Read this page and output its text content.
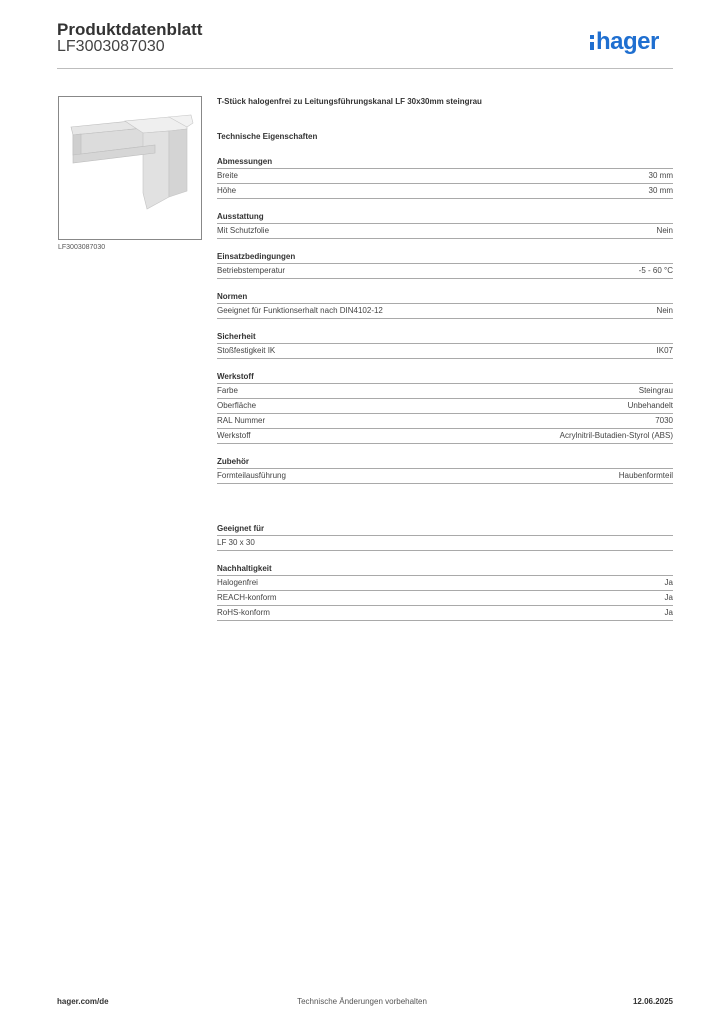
Produktdatenblatt
LF3003087030	hager
LF3003087030
T-Stück halogenfrei zu Leitungsführungskanal LF 30x30mm steingrau
Technische Eigenschaften
Abmessungen
Breite	30 mm
Höhe	30 mm
Ausstattung
Mit Schutzfolie	Nein
Einsatzbedingungen
Betriebstemperatur	-5 - 60 °C
Normen
Geeignet für Funktionserhalt nach DIN4102-12	Nein
Sicherheit
Stoßfestigkeit IK	IK07
Werkstoff
Farbe	Steingrau
Oberfläche	Unbehandelt
RAL Nummer	7030
Werkstoff	Acrylnitril-Butadien-Styrol (ABS)
Zubehör
Formteilausführung	Haubenformteil
Geeignet für
LF 30 x 30
Nachhaltigkeit
Halogenfrei	Ja
REACH-konform	Ja
RoHS-konform	Ja
Technische Änderungen vorbehalten
hager.com/de	12.06.2025
